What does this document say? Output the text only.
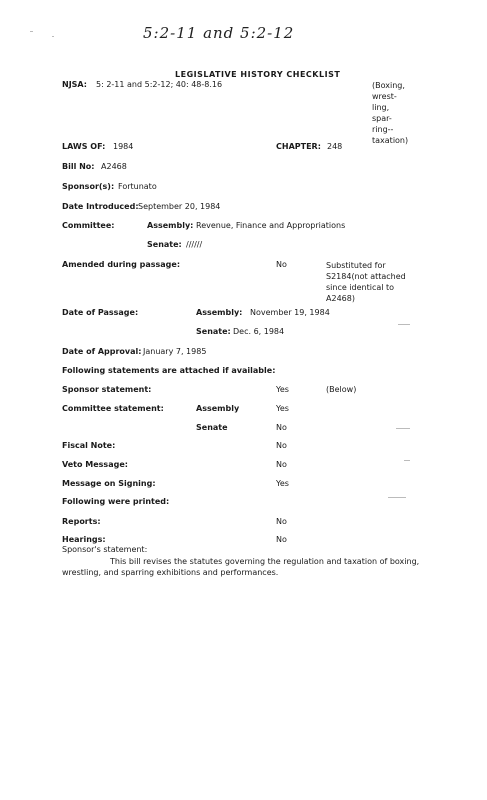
5:2-11 and 5:2-12
LEGISLATIVE HISTORY CHECKLIST
NJSA: 5: 2-11 and 5:2-12; 40: 48-8.16	(Boxing,
wrest-
ling,
spar-
ring--
taxation)
LAWS OF: 1984	CHAPTER: 248
Bill No: A2468
Sponsor(s): Fortunato
Date Introduced: September 20, 1984
Committee:	Assembly: Revenue, Finance and Appropriations
Senate: //////
Amended during passage:	No	Substituted for
S2184(not attached
since identical to
A2468)
Date of Passage:	Assembly: November 19, 1984
Senate: Dec. 6, 1984
Date of Approval: January 7, 1985
Following statements are attached if available:
Sponsor statement:	Yes	(Below)
Committee statement:	Assembly	Yes
Senate	No
Fiscal Note:	No
Veto Message:	No
Message on Signing:	Yes
Following were printed:
Reports:	No
Hearings:	No
Sponsor's statement:
This bill revises the statutes governing the regulation and taxation of boxing, wrestling, and sparring exhibitions and performances.
